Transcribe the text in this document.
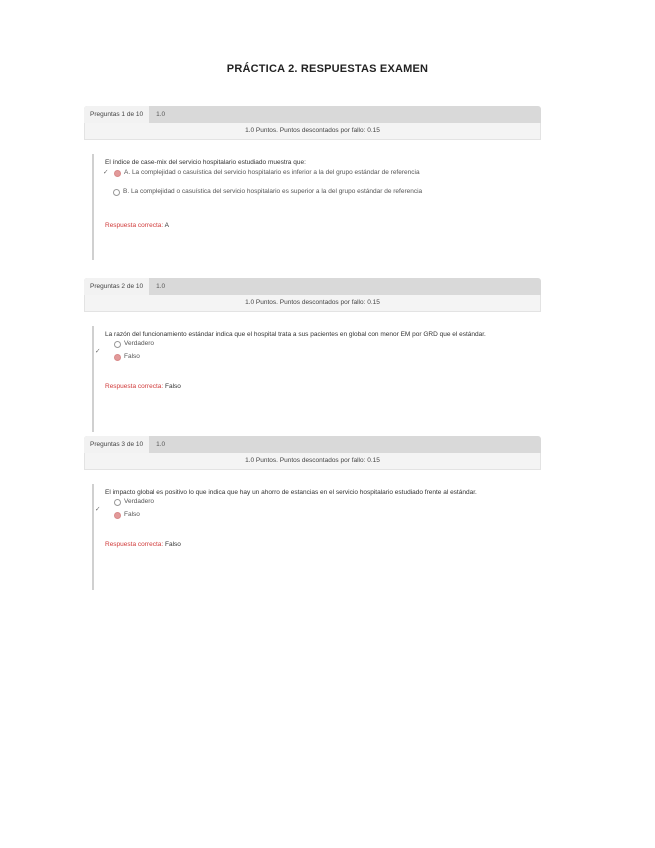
PRÁCTICA 2. RESPUESTAS EXAMEN
Preguntas 1 de 10	1.0
1.0 Puntos. Puntos descontados por fallo: 0.15
El índice de case-mix del servicio hospitalario estudiado muestra que:
✓	A. La complejidad o casuística del servicio hospitalario es inferior a la del grupo estándar de referencia
B. La complejidad o casuística del servicio hospitalario es superior a la del grupo estándar de referencia
Respuesta correcta: A
Preguntas 2 de 10	1.0
1.0 Puntos. Puntos descontados por fallo: 0.15
La razón del funcionamiento estándar indica que el hospital trata a sus pacientes en global con menor EM por GRD que el estándar.
Verdadero
✓
Falso
Respuesta correcta: Falso
Preguntas 3 de 10	1.0
1.0 Puntos. Puntos descontados por fallo: 0.15
El impacto global es positivo lo que indica que hay un ahorro de estancias en el servicio hospitalario estudiado frente al estándar.
Verdadero
✓
Falso
Respuesta correcta: Falso
